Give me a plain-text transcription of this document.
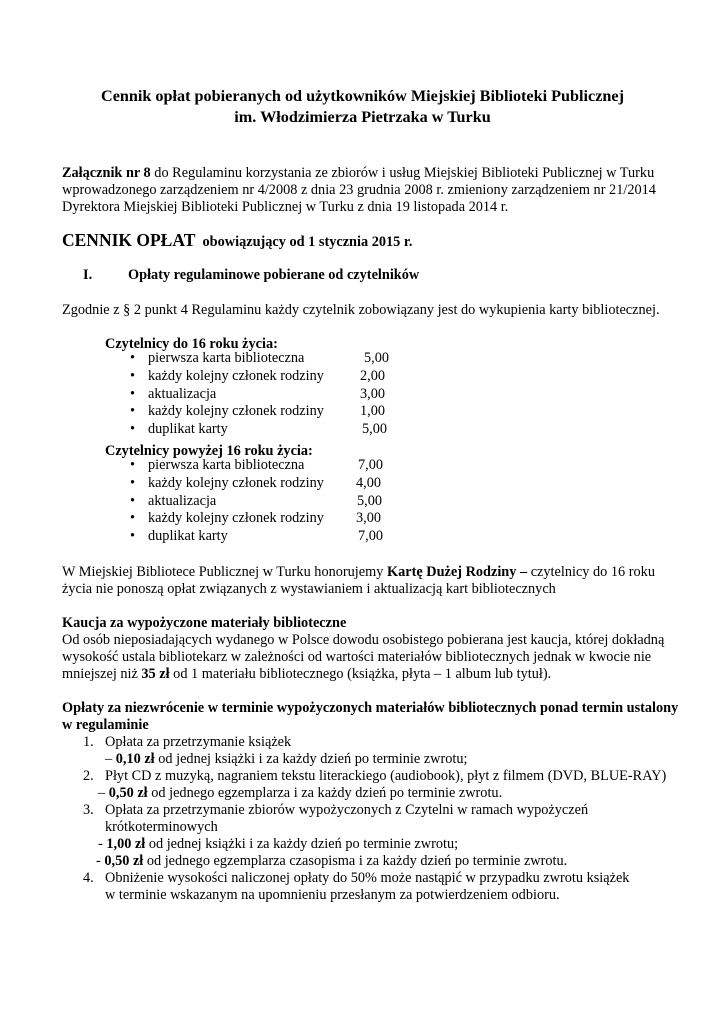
Cennik opłat pobieranych od użytkowników Miejskiej Biblioteki Publicznej
im. Włodzimierza Pietrzaka w Turku
Załącznik nr 8 do Regulaminu korzystania ze zbiorów i usług Miejskiej Biblioteki Publicznej w Turku
wprowadzonego zarządzeniem nr 4/2008 z dnia 23 grudnia 2008 r. zmieniony zarządzeniem nr 21/2014
Dyrektora Miejskiej Biblioteki Publicznej w Turku z dnia 19 listopada 2014 r.
CENNIK OPŁAT obowiązujący od 1 stycznia 2015 r.
I.	Opłaty regulaminowe pobierane od czytelników
Zgodnie z § 2 punkt 4 Regulaminu każdy czytelnik zobowiązany jest do wykupienia karty bibliotecznej.
Czytelnicy do 16 roku życia:
• pierwsza karta biblioteczna	5,00
• każdy kolejny członek rodziny	2,00
• aktualizacja	3,00
• każdy kolejny członek rodziny	1,00
• duplikat karty	5,00
Czytelnicy powyżej 16 roku życia:
• pierwsza karta biblioteczna	7,00
• każdy kolejny członek rodziny 4,00
• aktualizacja	5,00
• każdy kolejny członek rodziny 3,00
• duplikat karty	7,00
W Miejskiej Bibliotece Publicznej w Turku honorujemy Kartę Dużej Rodziny – czytelnicy do 16 roku
życia nie ponoszą opłat związanych z wystawianiem i aktualizacją kart bibliotecznych
Kaucja za wypożyczone materiały biblioteczne
Od osób nieposiadających wydanego w Polsce dowodu osobistego pobierana jest kaucja, której dokładną
wysokość ustala bibliotekarz w zależności od wartości materiałów bibliotecznych jednak w kwocie nie
mniejszej niż 35 zł od 1 materiału bibliotecznego (książka, płyta – 1 album lub tytuł).
Opłaty za niezwrócenie w terminie wypożyczonych materiałów bibliotecznych ponad termin ustalony
w regulaminie
1. Opłata za przetrzymanie książek
– 0,10 zł od jednej książki i za każdy dzień po terminie zwrotu;
2. Płyt CD z muzyką, nagraniem tekstu literackiego (audiobook), płyt z filmem (DVD, BLUE-RAY)
– 0,50 zł od jednego egzemplarza i za każdy dzień po terminie zwrotu.
3. Opłata za przetrzymanie zbiorów wypożyczonych z Czytelni w ramach wypożyczeń
krótkoterminowych
- 1,00 zł od jednej książki i za każdy dzień po terminie zwrotu;
- 0,50 zł od jednego egzemplarza czasopisma i za każdy dzień po terminie zwrotu.
4. Obniżenie wysokości naliczonej opłaty do 50% może nastąpić w przypadku zwrotu książek
w terminie wskazanym na upomnieniu przesłanym za potwierdzeniem odbioru.
